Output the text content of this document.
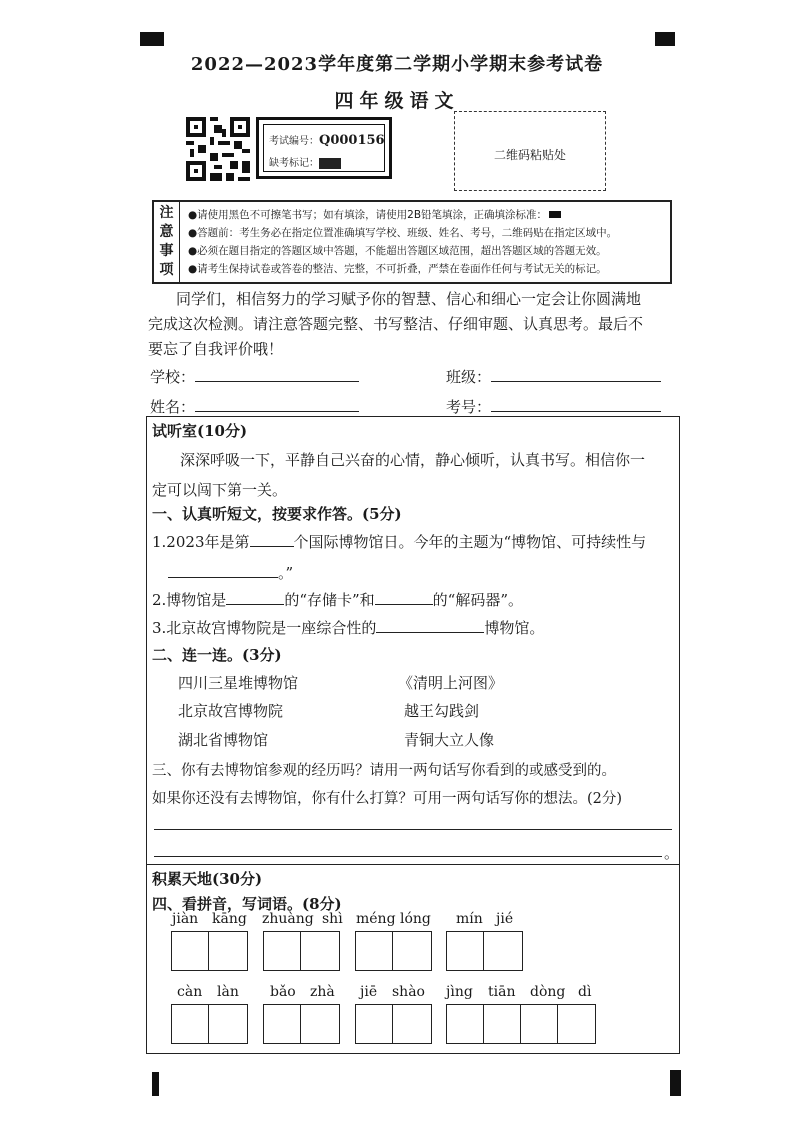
2022—2023学年度第二学期小学期末参考试卷
四年级语文
考试编号：Q000156
缺考标记：
二维码粘贴处
注
意
事
项
●请使用黑色不可擦笔书写；如有填涂，请使用2B铅笔填涂，正确填涂标准：
●答题前：考生务必在指定位置准确填写学校、班级、姓名、考号，二维码贴在指定区域中。
●必须在题目指定的答题区域中答题，不能超出答题区域范围，超出答题区域的答题无效。
●请考生保持试卷或答卷的整洁、完整，不可折叠，严禁在卷面作任何与考试无关的标记。
同学们，相信努力的学习赋予你的智慧、信心和细心一定会让你圆满地
完成这次检测。请注意答题完整、书写整洁、仔细审题、认真思考。最后不
要忘了自我评价哦！
学校：	班级：
姓名：	考号：
试听室(10分)
深深呼吸一下，平静自己兴奋的心情，静心倾听，认真书写。相信你一
定可以闯下第一关。
一、认真听短文，按要求作答。(5分)
1.2023年是第	个国际博物馆日。今年的主题为“博物馆、可持续性与
。”
2.博物馆是	的“存储卡”和	的“解码器”。
3.北京故宫博物院是一座综合性的	博物馆。
二、连一连。(3分)
四川三星堆博物馆
北京故宫博物院
湖北省博物馆
《清明上河图》
越王勾践剑
青铜大立人像
三、你有去博物馆参观的经历吗？请用一两句话写你看到的或感受到的。
如果你还没有去博物馆，你有什么打算？可用一两句话写你的想法。(2分)
。
积累天地(30分)
四、看拼音，写词语。(8分)
jiàn kāng zhuàng shì méng lóng mín jié
càn làn bǎo zhà jiē shào jìng tiān dòng dì
